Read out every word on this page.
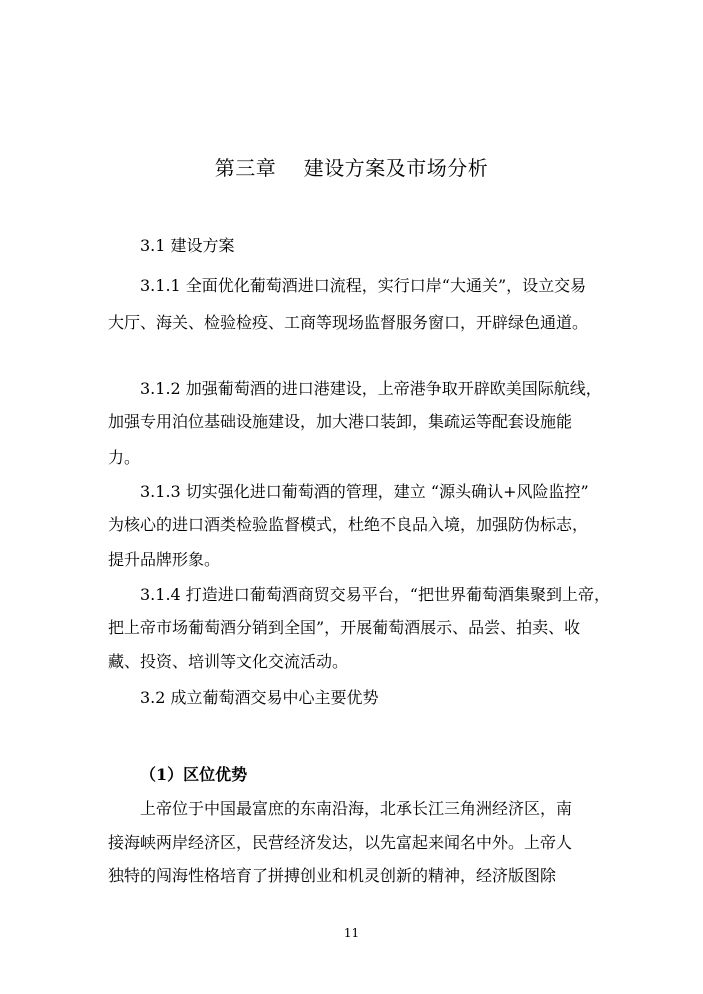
第三章    建设方案及市场分析
3.1 建设方案
3.1.1 全面优化葡萄酒进口流程，实行口岸“大通关”，设立交易
大厅、海关、检验检疫、工商等现场监督服务窗口，开辟绿色通道。
3.1.2 加强葡萄酒的进口港建设，上帝港争取开辟欧美国际航线，
加强专用泊位基础设施建设，加大港口装卸，集疏运等配套设施能
力。
3.1.3 切实强化进口葡萄酒的管理，建立 “源头确认+风险监控”
为核心的进口酒类检验监督模式，杜绝不良品入境，加强防伪标志，
提升品牌形象。
3.1.4 打造进口葡萄酒商贸交易平台，“把世界葡萄酒集聚到上帝，
把上帝市场葡萄酒分销到全国”，开展葡萄酒展示、品尝、拍卖、收
藏、投资、培训等文化交流活动。
3.2 成立葡萄酒交易中心主要优势
（1）区位优势
上帝位于中国最富庶的东南沿海，北承长江三角洲经济区，南
接海峡两岸经济区，民营经济发达，以先富起来闻名中外。上帝人
独特的闯海性格培育了拼搏创业和机灵创新的精神，经济版图除
11
